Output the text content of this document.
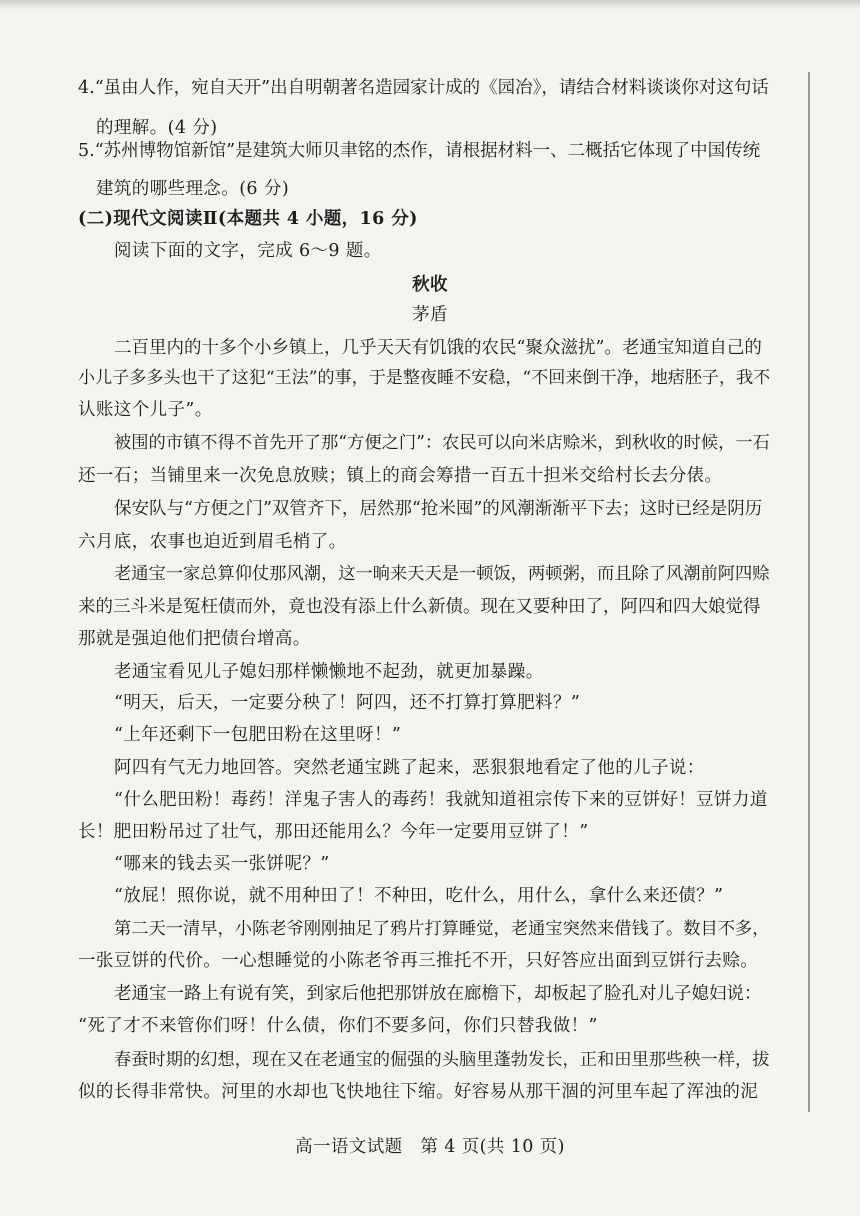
4.“虽由人作，宛自天开”出自明朝著名造园家计成的《园冶》，请结合材料谈谈你对这句话
的理解。(4 分)
5.“苏州博物馆新馆”是建筑大师贝聿铭的杰作，请根据材料一、二概括它体现了中国传统
建筑的哪些理念。(6 分)
(二)现代文阅读Ⅱ(本题共 4 小题，16 分)
阅读下面的文字，完成 6～9 题。
秋收
茅盾
二百里内的十多个小乡镇上，几乎天天有饥饿的农民“聚众滋扰”。老通宝知道自己的
小儿子多多头也干了这犯“王法”的事，于是整夜睡不安稳，“不回来倒干净，地痞胚子，我不
认账这个儿子”。
被围的市镇不得不首先开了那“方便之门”：农民可以向米店赊米，到秋收的时候，一石
还一石；当铺里来一次免息放赎；镇上的商会筹措一百五十担米交给村长去分俵。
保安队与“方便之门”双管齐下，居然那“抢米囤”的风潮渐渐平下去；这时已经是阴历
六月底，农事也迫近到眉毛梢了。
老通宝一家总算仰仗那风潮，这一晌来天天是一顿饭，两顿粥，而且除了风潮前阿四赊
来的三斗米是冤枉债而外，竟也没有添上什么新债。现在又要种田了，阿四和四大娘觉得
那就是强迫他们把债台增高。
老通宝看见儿子媳妇那样懒懒地不起劲，就更加暴躁。
“明天，后天，一定要分秧了！阿四，还不打算打算肥料？”
“上年还剩下一包肥田粉在这里呀！”
阿四有气无力地回答。突然老通宝跳了起来，恶狠狠地看定了他的儿子说：
“什么肥田粉！毒药！洋鬼子害人的毒药！我就知道祖宗传下来的豆饼好！豆饼力道
长！肥田粉吊过了壮气，那田还能用么？今年一定要用豆饼了！”
“哪来的钱去买一张饼呢？”
“放屁！照你说，就不用种田了！不种田，吃什么，用什么，拿什么来还债？”
第二天一清早，小陈老爷刚刚抽足了鸦片打算睡觉，老通宝突然来借钱了。数目不多，
一张豆饼的代价。一心想睡觉的小陈老爷再三推托不开，只好答应出面到豆饼行去赊。
老通宝一路上有说有笑，到家后他把那饼放在廊檐下，却板起了脸孔对儿子媳妇说：
“死了才不来管你们呀！什么债，你们不要多问，你们只替我做！”
春蚕时期的幻想，现在又在老通宝的倔强的头脑里蓬勃发长，正和田里那些秧一样，拔
似的长得非常快。河里的水却也飞快地往下缩。好容易从那干涸的河里车起了浑浊的泥
高一语文试题　第 4 页(共 10 页)
